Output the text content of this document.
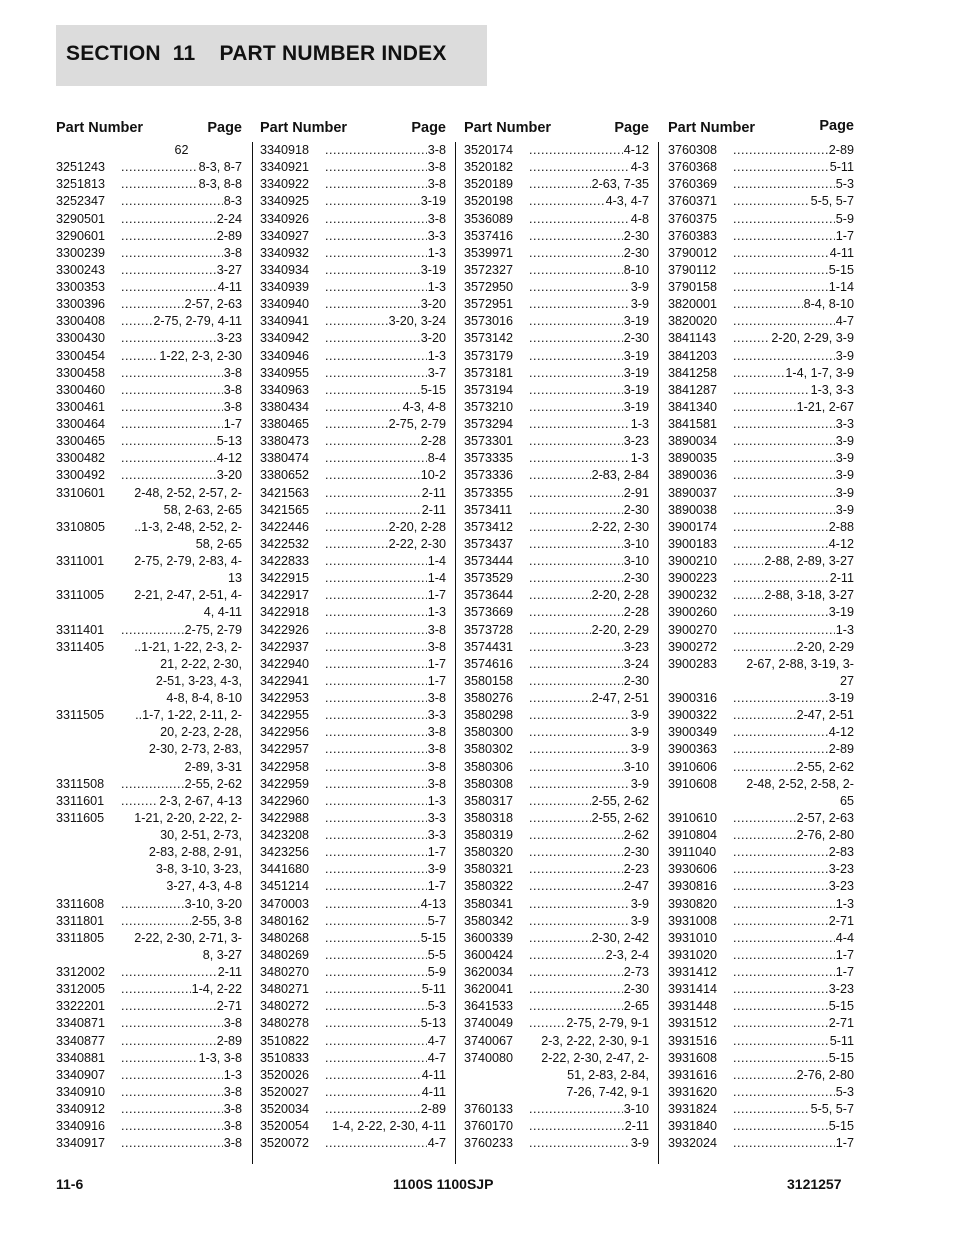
SECTION  11    PART NUMBER INDEX
Part Number	Page
62
3251243 .....	8-3, 8-7
3251813 .....	8-3, 8-8
3252347 .....	8-3
3290501 .....	2-24
3290601 .....	2-89
3300239 .....	3-8
3300243 .....	3-27
3300353 .....	4-11
3300396 .....	2-57, 2-63
3300408 .....	2-75, 2-79, 4-11
3300430 .....	3-23
3300454 .....	1-22, 2-3, 2-30
3300458 .....	3-8
3300460 .....	3-8
3300461 .....	3-8
3300464 .....	1-7
3300465 .....	5-13
3300482 .....	4-12
3300492 .....	3-20
3310601	2-48, 2-52, 2-57, 2-
58, 2-63, 2-65
3310805	..1-3, 2-48, 2-52, 2-
58, 2-65
3311001	2-75, 2-79, 2-83, 4-
13
3311005	2-21, 2-47, 2-51, 4-
4, 4-11
3311401 .....	2-75, 2-79
3311405	..1-21, 1-22, 2-3, 2-
21, 2-22, 2-30,
2-51, 3-23, 4-3,
4-8, 8-4, 8-10
3311505	..1-7, 1-22, 2-11, 2-
20, 2-23, 2-28,
2-30, 2-73, 2-83,
2-89, 3-31
3311508 .....	2-55, 2-62
3311601 .....	2-3, 2-67, 4-13
3311605	1-21, 2-20, 2-22, 2-
30, 2-51, 2-73,
2-83, 2-88, 2-91,
3-8, 3-10, 3-23,
3-27, 4-3, 4-8
3311608 .....	3-10, 3-20
3311801 .....	2-55, 3-8
3311805	2-22, 2-30, 2-71, 3-
8, 3-27
3312002 .....	2-11
3312005 .....	1-4, 2-22
3322201 .....	2-71
3340871 .....	3-8
3340877 .....	2-89
3340881 .....	1-3, 3-8
3340907 .....	1-3
3340910 .....	3-8
3340912 .....	3-8
3340916 .....	3-8
3340917 .....	3-8
Part Number	Page
3340918 .....	3-8
3340921 .....	3-8
3340922 .....	3-8
3340925 .....	3-19
3340926 .....	3-8
3340927 .....	3-3
3340932 .....	1-3
3340934 .....	3-19
3340939 .....	1-3
3340940 .....	3-20
3340941 .....	3-20, 3-24
3340942 .....	3-20
3340946 .....	1-3
3340955 .....	3-7
3340963 .....	5-15
3380434 .....	4-3, 4-8
3380465 .....	2-75, 2-79
3380473 .....	2-28
3380474 .....	8-4
3380652 .....	10-2
3421563 .....	2-11
3421565 .....	2-11
3422446 .....	2-20, 2-28
3422532 .....	2-22, 2-30
3422833 .....	1-4
3422915 .....	1-4
3422917 .....	1-7
3422918 .....	1-3
3422926 .....	3-8
3422937 .....	3-8
3422940 .....	1-7
3422941 .....	1-7
3422953 .....	3-8
3422955 .....	3-3
3422956 .....	3-8
3422957 .....	3-8
3422958 .....	3-8
3422959 .....	3-8
3422960 .....	1-3
3422988 .....	3-3
3423208 .....	3-3
3423256 .....	1-7
3441680 .....	3-9
3451214 .....	1-7
3470003 .....	4-13
3480162 .....	5-7
3480268 .....	5-15
3480269 .....	5-5
3480270 .....	5-9
3480271 .....	5-11
3480272 .....	5-3
3480278 .....	5-13
3510822 .....	4-7
3510833 .....	4-7
3520026 .....	4-11
3520027 .....	4-11
3520034 .....	2-89
3520054	1-4, 2-22, 2-30, 4-11
3520072 .....	4-7
Part Number	Page
3520174 .....	4-12
3520182 .....	4-3
3520189 .....	2-63, 7-35
3520198 .....	4-3, 4-7
3536089 .....	4-8
3537416 .....	2-30
3539971 .....	2-30
3572327 .....	8-10
3572950 .....	3-9
3572951 .....	3-9
3573016 .....	3-19
3573142 .....	2-30
3573179 .....	3-19
3573181 .....	3-19
3573194 .....	3-19
3573210 .....	3-19
3573294 .....	1-3
3573301 .....	3-23
3573335 .....	1-3
3573336 .....	2-83, 2-84
3573355 .....	2-91
3573411 .....	2-30
3573412 .....	2-22, 2-30
3573437 .....	3-10
3573444 .....	3-10
3573529 .....	2-30
3573644 .....	2-20, 2-28
3573669 .....	2-28
3573728 .....	2-20, 2-29
3574431 .....	3-23
3574616 .....	3-24
3580158 .....	2-30
3580276 .....	2-47, 2-51
3580298 .....	3-9
3580300 .....	3-9
3580302 .....	3-9
3580306 .....	3-10
3580308 .....	3-9
3580317 .....	2-55, 2-62
3580318 .....	2-55, 2-62
3580319 .....	2-62
3580320 .....	2-30
3580321 .....	2-23
3580322 .....	2-47
3580341 .....	3-9
3580342 .....	3-9
3600339 .....	2-30, 2-42
3600424 .....	2-3, 2-4
3620034 .....	2-73
3620041 .....	2-30
3641533 .....	2-65
3740049 .....	2-75, 2-79, 9-1
3740067	2-3, 2-22, 2-30, 9-1
3740080	2-22, 2-30, 2-47, 2-
51, 2-83, 2-84,
7-26, 7-42, 9-1
3760133 .....	3-10
3760170 .....	2-11
3760233 .....	3-9
Part Number	Page
3760308 .....	2-89
3760368 .....	5-11
3760369 .....	5-3
3760371 .....	5-5, 5-7
3760375 .....	5-9
3760383 .....	1-7
3790012 .....	4-11
3790112 .....	5-15
3790158 .....	1-14
3820001 .....	8-4, 8-10
3820020 .....	4-7
3841143 .....	2-20, 2-29, 3-9
3841203 .....	3-9
3841258 .....	1-4, 1-7, 3-9
3841287 .....	1-3, 3-3
3841340 .....	1-21, 2-67
3841581 .....	3-3
3890034 .....	3-9
3890035 .....	3-9
3890036 .....	3-9
3890037 .....	3-9
3890038 .....	3-9
3900174 .....	2-88
3900183 .....	4-12
3900210 .....	2-88, 2-89, 3-27
3900223 .....	2-11
3900232 .....	2-88, 3-18, 3-27
3900260 .....	3-19
3900270 .....	1-3
3900272 .....	2-20, 2-29
3900283	2-67, 2-88, 3-19, 3-
27
3900316 .....	3-19
3900322 .....	2-47, 2-51
3900349 .....	4-12
3900363 .....	2-89
3910606 .....	2-55, 2-62
3910608	2-48, 2-52, 2-58, 2-
65
3910610 .....	2-57, 2-63
3910804 .....	2-76, 2-80
3911040 .....	2-83
3930606 .....	3-23
3930816 .....	3-23
3930820 .....	1-3
3931008 .....	2-71
3931010 .....	4-4
3931020 .....	1-7
3931412 .....	1-7
3931414 .....	3-23
3931448 .....	5-15
3931512 .....	2-71
3931516 .....	5-11
3931608 .....	5-15
3931616 .....	2-76, 2-80
3931620 .....	5-3
3931824 .....	5-5, 5-7
3931840 .....	5-15
3932024 .....	1-7
11-6	1100S 1100SJP	3121257
